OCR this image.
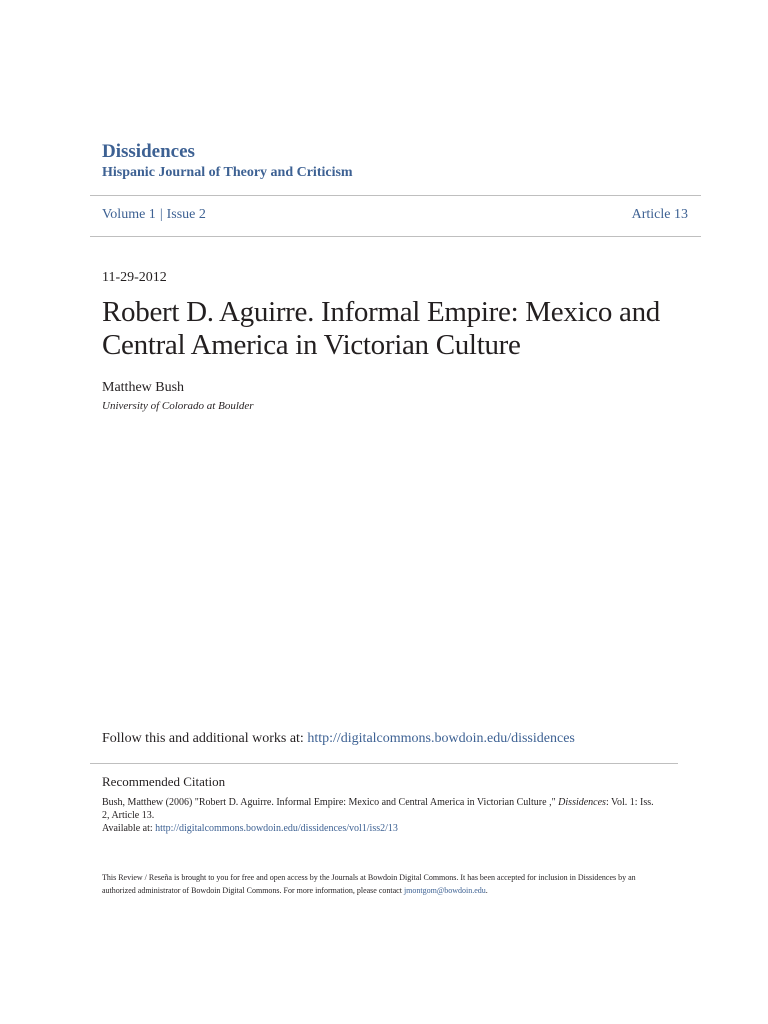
Dissidences
Hispanic Journal of Theory and Criticism
Volume 1 | Issue 2	Article 13
11-29-2012
Robert D. Aguirre. Informal Empire: Mexico and Central America in Victorian Culture
Matthew Bush
University of Colorado at Boulder
Follow this and additional works at: http://digitalcommons.bowdoin.edu/dissidences
Recommended Citation
Bush, Matthew (2006) "Robert D. Aguirre. Informal Empire: Mexico and Central America in Victorian Culture ," Dissidences: Vol. 1: Iss. 2, Article 13.
Available at: http://digitalcommons.bowdoin.edu/dissidences/vol1/iss2/13
This Review / Reseña is brought to you for free and open access by the Journals at Bowdoin Digital Commons. It has been accepted for inclusion in Dissidences by an authorized administrator of Bowdoin Digital Commons. For more information, please contact jmontgom@bowdoin.edu.
